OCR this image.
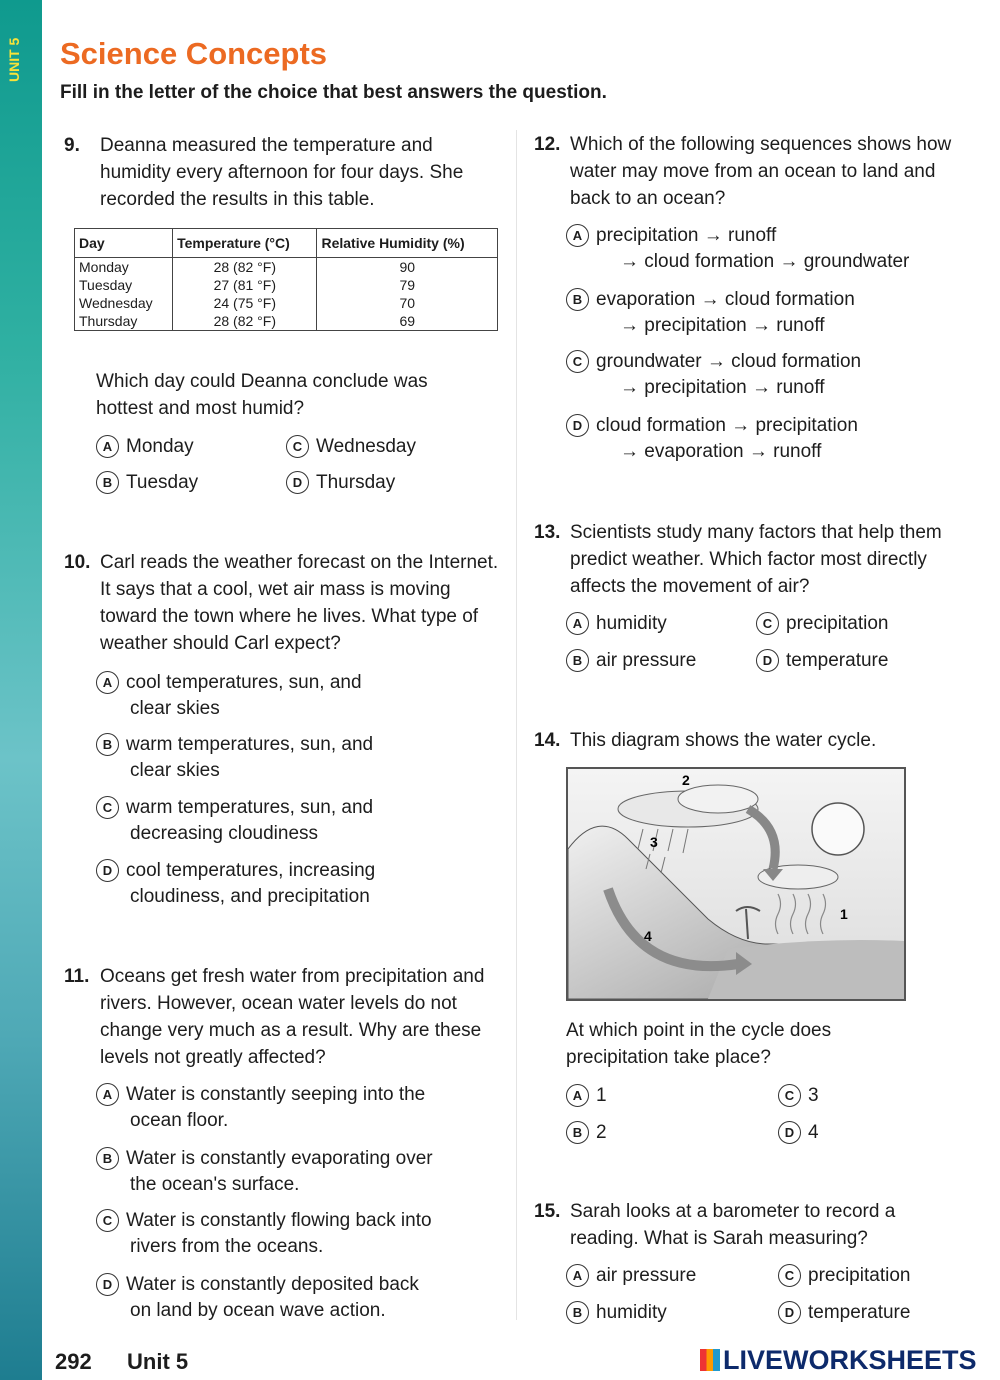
UNIT 5	Science Concepts
Fill in the letter of the choice that best answers the question.
9. Deanna measured the temperature and humidity every afternoon for four days. She recorded the results in this table.
Day	Temperature (°C)	Relative Humidity (%)
Monday	28 (82 °F)	90
Tuesday	27 (81 °F)	79
Wednesday	24 (75 °F)	70
Thursday	28 (82 °F)	69
Which day could Deanna conclude was hottest and most humid?
A Monday
B Tuesday
C Wednesday
D Thursday
10. Carl reads the weather forecast on the Internet. It says that a cool, wet air mass is moving toward the town where he lives. What type of weather should Carl expect?
A cool temperatures, sun, and
clear skies
B warm temperatures, sun, and
clear skies
C warm temperatures, sun, and
decreasing cloudiness
D cool temperatures, increasing
cloudiness, and precipitation
11. Oceans get fresh water from precipitation and rivers. However, ocean water levels do not change very much as a result. Why are these levels not greatly affected?
A Water is constantly seeping into the
ocean floor.
B Water is constantly evaporating over
the ocean's surface.
C Water is constantly flowing back into
rivers from the oceans.
D Water is constantly deposited back
on land by ocean wave action.
12. Which of the following sequences shows how water may move from an ocean to land and back to an ocean?
A precipitation → runoff
→ cloud formation → groundwater
B evaporation → cloud formation
→ precipitation → runoff
C groundwater → cloud formation
→ precipitation → runoff
D cloud formation → precipitation
→ evaporation → runoff
13. Scientists study many factors that help them predict weather. Which factor most directly affects the movement of air?
A humidity
B air pressure
C precipitation
D temperature
14. This diagram shows the water cycle.
2
3
1
4
At which point in the cycle does precipitation take place?
A 1
B 2
C 3
D 4
15. Sarah looks at a barometer to record a reading. What is Sarah measuring?
A air pressure
B humidity
C precipitation
D temperature
292 Unit 5	LIVEWORKSHEETS
